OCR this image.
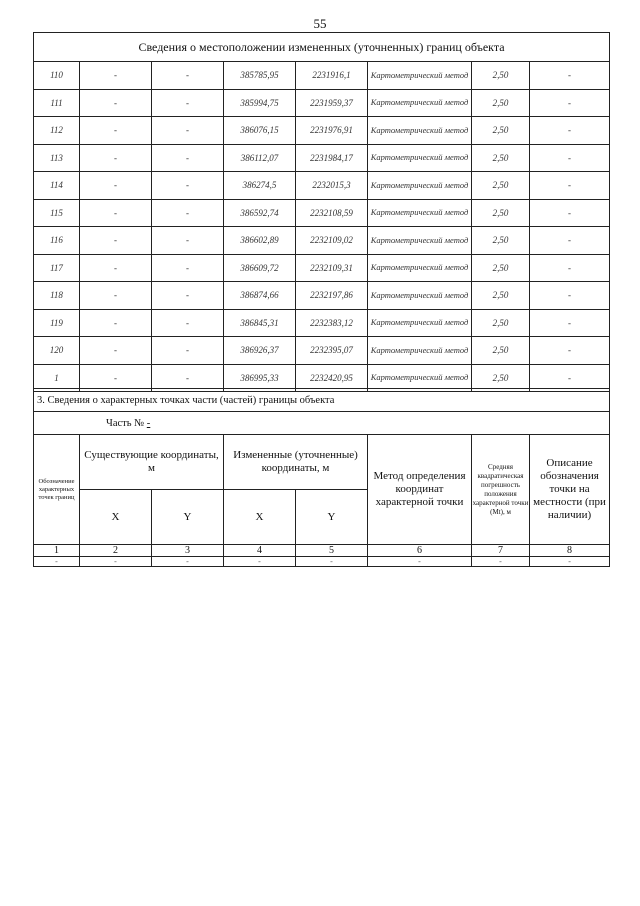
55
Сведения о местоположении измененных (уточненных) границ объекта							
110	-	-	385785,95	2231916,1	Картометрический метод	2,50	-
111	-	-	385994,75	2231959,37	Картометрический метод	2,50	-
112	-	-	386076,15	2231976,91	Картометрический метод	2,50	-
113	-	-	386112,07	2231984,17	Картометрический метод	2,50	-
114	-	-	386274,5	2232015,3	Картометрический метод	2,50	-
115	-	-	386592,74	2232108,59	Картометрический метод	2,50	-
116	-	-	386602,89	2232109,02	Картометрический метод	2,50	-
117	-	-	386609,72	2232109,31	Картометрический метод	2,50	-
118	-	-	386874,66	2232197,86	Картометрический метод	2,50	-
119	-	-	386845,31	2232383,12	Картометрический метод	2,50	-
120	-	-	386926,37	2232395,07	Картометрический метод	2,50	-
1	-	-	386995,33	2232420,95	Картометрический метод	2,50	-
3. Сведения о характерных точках части (частей) границы объекта							
Часть № -							
Обозначение характерных точек границ	Существующие координаты, м		Измененные (уточненные) координаты, м		Метод определения координат характерной точки	Средняя квадратическая погрешность положения характерной точки (Mt), м	Описание обозначения точки на местности (при наличии)
	X	Y	X	Y			
1	2	3	4	5	6	7	8
-	-	-	-	-	-	-	-
